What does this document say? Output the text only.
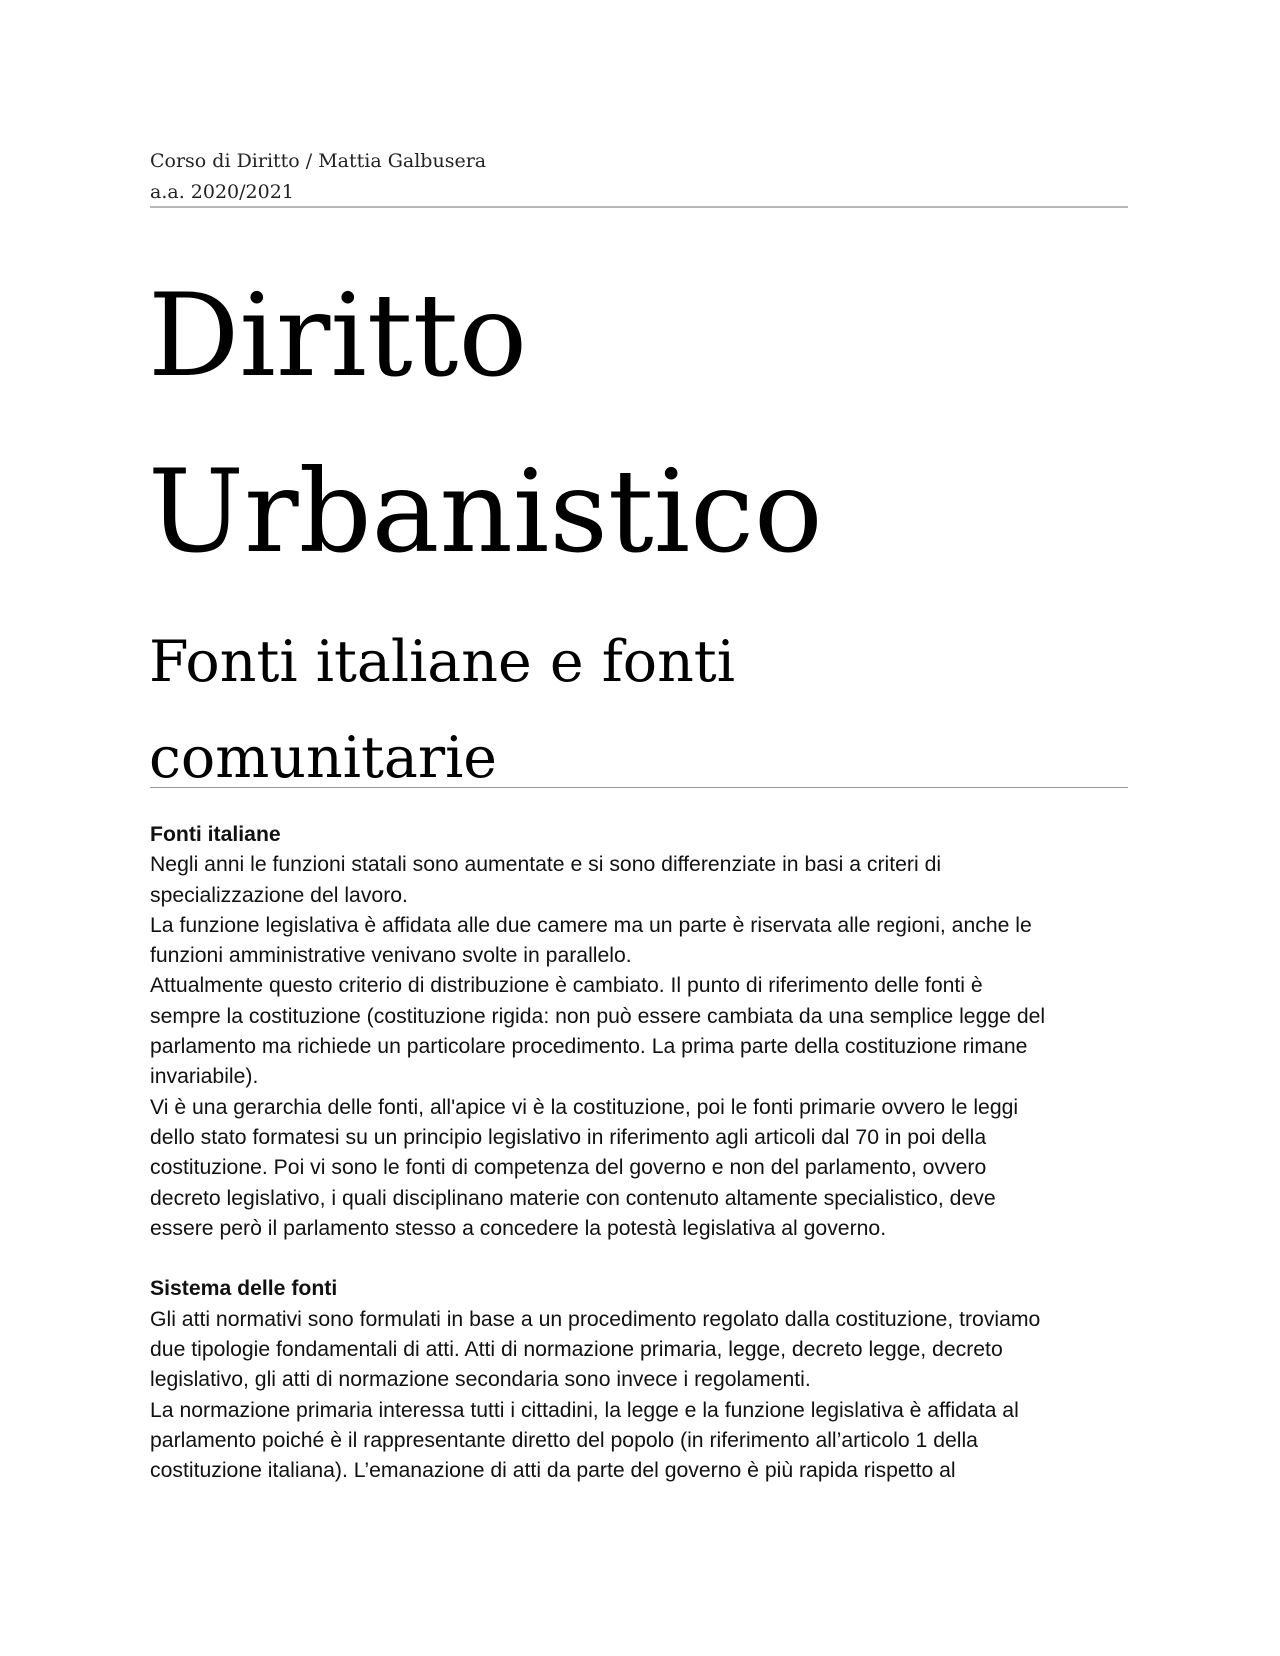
Corso di Diritto / Mattia Galbusera
a.a. 2020/2021
Diritto
Urbanistico
Fonti italiane e fonti
comunitarie
Fonti italiane
Negli anni le funzioni statali sono aumentate e si sono differenziate in basi a criteri di
specializzazione del lavoro.
La funzione legislativa è affidata alle due camere ma un parte è riservata alle regioni, anche le
funzioni amministrative venivano svolte in parallelo.
Attualmente questo criterio di distribuzione è cambiato. Il punto di riferimento delle fonti è
sempre la costituzione (costituzione rigida: non può essere cambiata da una semplice legge del
parlamento ma richiede un particolare procedimento. La prima parte della costituzione rimane
invariabile).
Vi è una gerarchia delle fonti, all'apice vi è la costituzione, poi le fonti primarie ovvero le leggi
dello stato formatesi su un principio legislativo in riferimento agli articoli dal 70 in poi della
costituzione. Poi vi sono le fonti di competenza del governo e non del parlamento, ovvero
decreto legislativo, i quali disciplinano materie con contenuto altamente specialistico, deve
essere però il parlamento stesso a concedere la potestà legislativa al governo.
Sistema delle fonti
Gli atti normativi sono formulati in base a un procedimento regolato dalla costituzione, troviamo
due tipologie fondamentali di atti. Atti di normazione primaria, legge, decreto legge, decreto
legislativo, gli atti di normazione secondaria sono invece i regolamenti.
La normazione primaria interessa tutti i cittadini, la legge e la funzione legislativa è affidata al
parlamento poiché è il rappresentante diretto del popolo (in riferimento all’articolo 1 della
costituzione italiana). L’emanazione di atti da parte del governo è più rapida rispetto al
